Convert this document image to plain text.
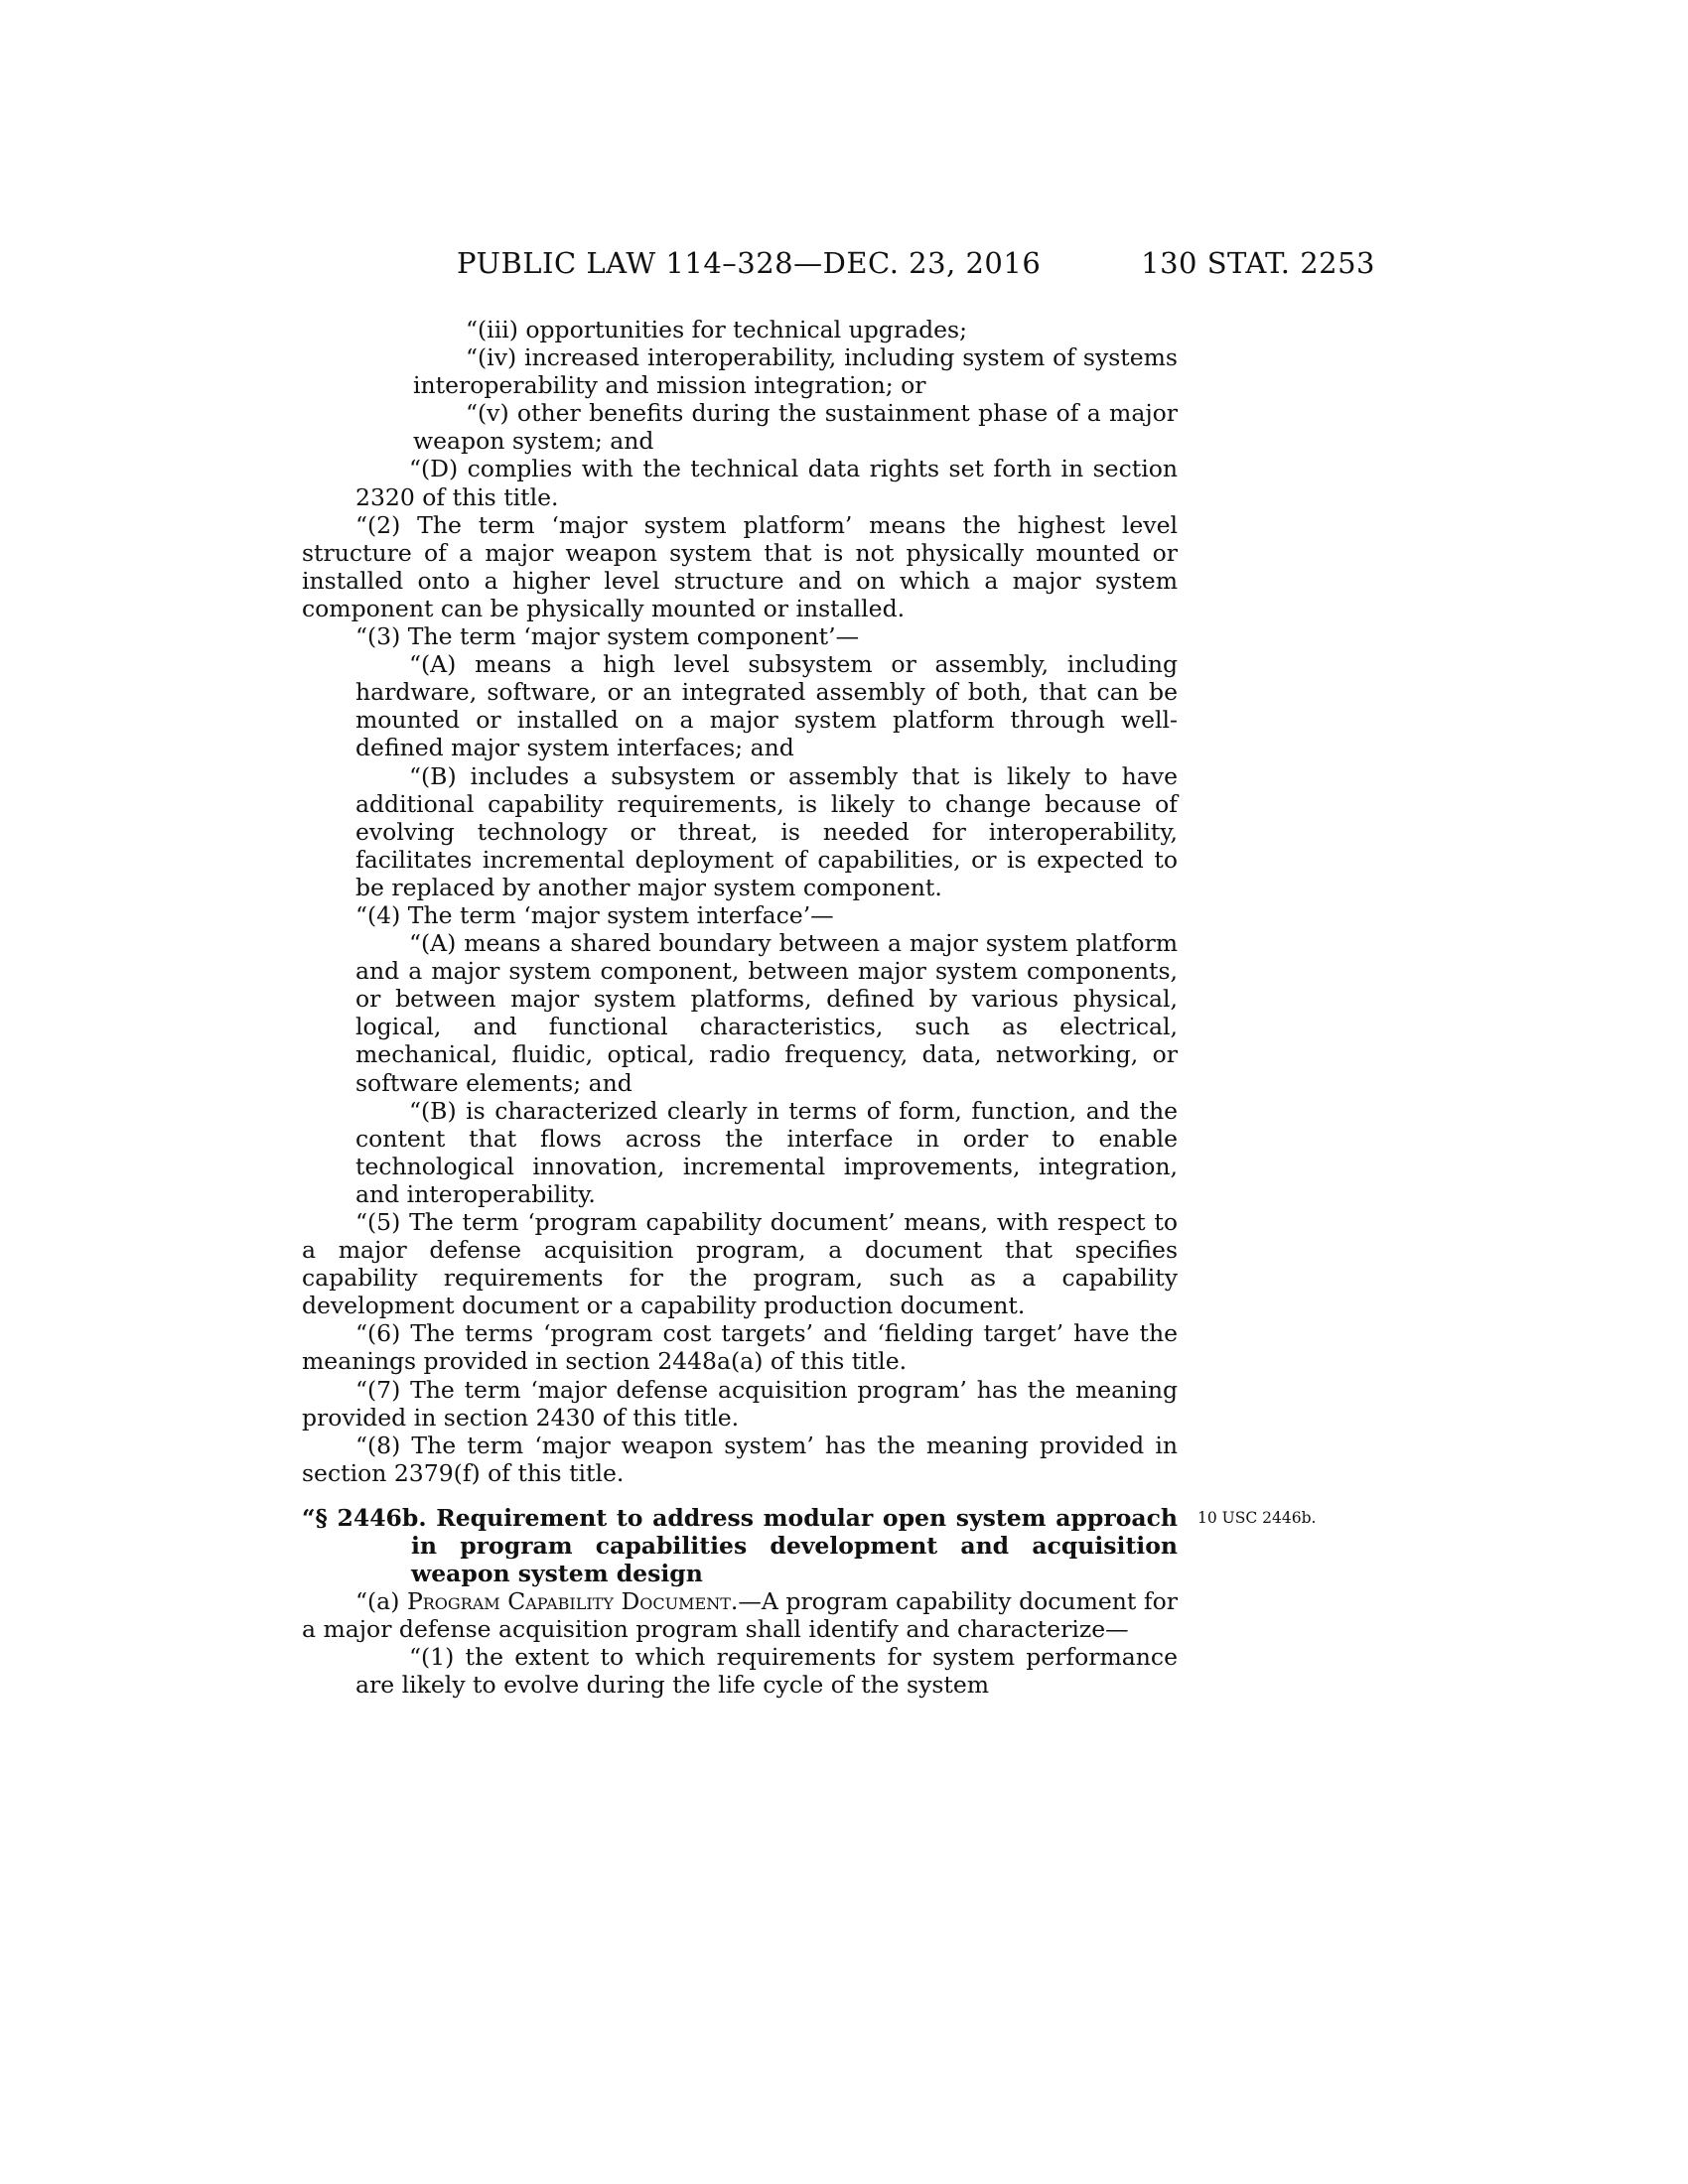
PUBLIC LAW 114–328—DEC. 23, 2016	130 STAT. 2253

“(iii) opportunities for technical upgrades;

“(iv) increased interoperability, including system of systems interoperability and mission integration; or

“(v) other benefits during the sustainment phase of a major weapon system; and

“(D) complies with the technical data rights set forth in section 2320 of this title.

“(2) The term ‘major system platform’ means the highest level structure of a major weapon system that is not physically mounted or installed onto a higher level structure and on which a major system component can be physically mounted or installed.

“(3) The term ‘major system component’—

“(A) means a high level subsystem or assembly, including hardware, software, or an integrated assembly of both, that can be mounted or installed on a major system platform through well-defined major system interfaces; and

“(B) includes a subsystem or assembly that is likely to have additional capability requirements, is likely to change because of evolving technology or threat, is needed for interoperability, facilitates incremental deployment of capabilities, or is expected to be replaced by another major system component.

“(4) The term ‘major system interface’—

“(A) means a shared boundary between a major system platform and a major system component, between major system components, or between major system platforms, defined by various physical, logical, and functional characteristics, such as electrical, mechanical, fluidic, optical, radio frequency, data, networking, or software elements; and

“(B) is characterized clearly in terms of form, function, and the content that flows across the interface in order to enable technological innovation, incremental improvements, integration, and interoperability.

“(5) The term ‘program capability document’ means, with respect to a major defense acquisition program, a document that specifies capability requirements for the program, such as a capability development document or a capability production document.

“(6) The terms ‘program cost targets’ and ‘fielding target’ have the meanings provided in section 2448a(a) of this title.

“(7) The term ‘major defense acquisition program’ has the meaning provided in section 2430 of this title.

“(8) The term ‘major weapon system’ has the meaning provided in section 2379(f) of this title.

“§ 2446b. Requirement to address modular open system approach in program capabilities development and acquisition weapon system design

10 USC 2446b.

“(a) Program Capability Document.—A program capability document for a major defense acquisition program shall identify and characterize—

“(1) the extent to which requirements for system performance are likely to evolve during the life cycle of the system
